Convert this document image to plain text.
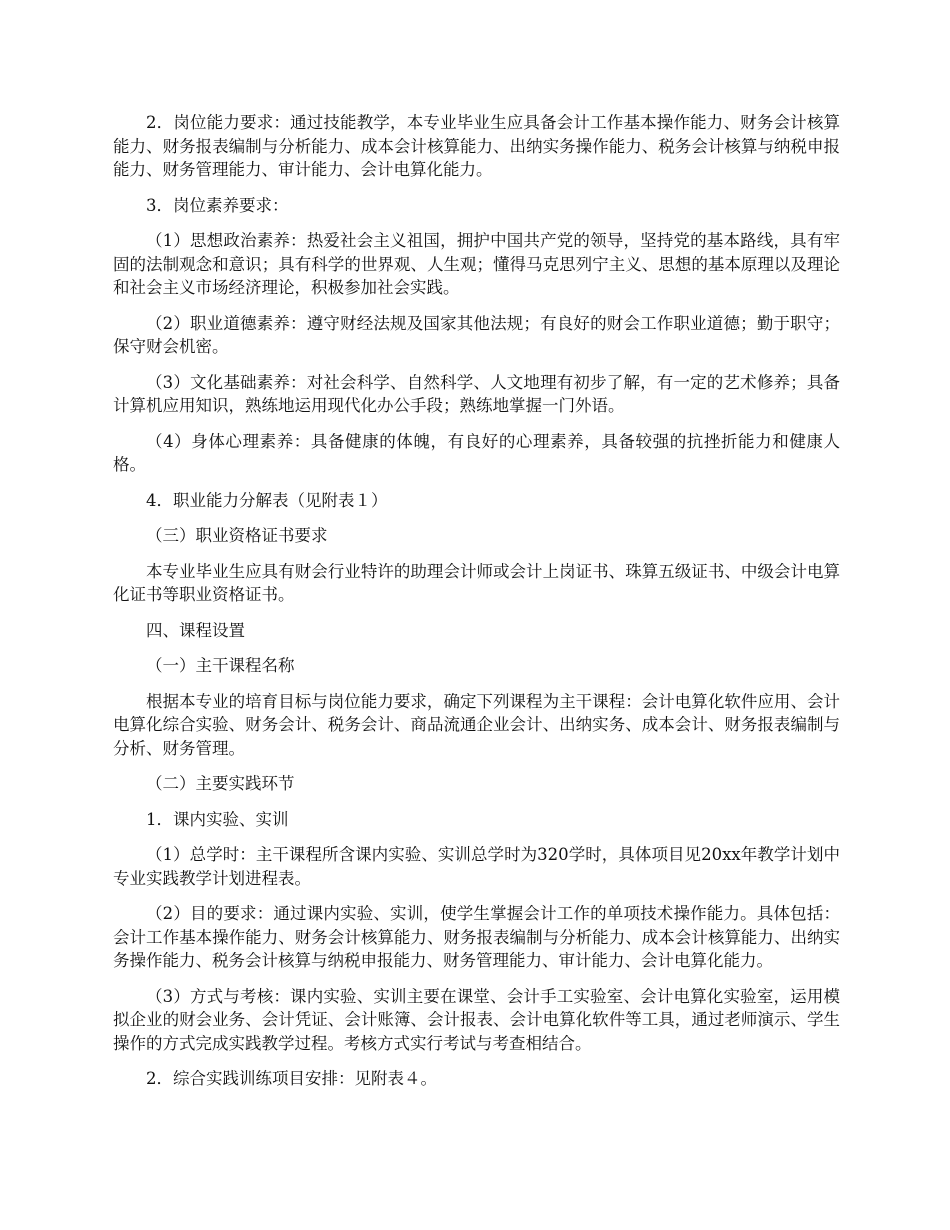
2．岗位能力要求：通过技能教学，本专业毕业生应具备会计工作基本操作能力、财务会计核算能力、财务报表编制与分析能力、成本会计核算能力、出纳实务操作能力、税务会计核算与纳税申报能力、财务管理能力、审计能力、会计电算化能力。

3．岗位素养要求：

（1）思想政治素养：热爱社会主义祖国，拥护中国共产党的领导，坚持党的基本路线，具有牢固的法制观念和意识；具有科学的世界观、人生观；懂得马克思列宁主义、思想的基本原理以及理论和社会主义市场经济理论，积极参加社会实践。

（2）职业道德素养：遵守财经法规及国家其他法规；有良好的财会工作职业道德；勤于职守；保守财会机密。

（3）文化基础素养：对社会科学、自然科学、人文地理有初步了解，有一定的艺术修养；具备计算机应用知识，熟练地运用现代化办公手段；熟练地掌握一门外语。

（4）身体心理素养：具备健康的体魄，有良好的心理素养，具备较强的抗挫折能力和健康人格。

4．职业能力分解表（见附表１）

（三）职业资格证书要求

本专业毕业生应具有财会行业特许的助理会计师或会计上岗证书、珠算五级证书、中级会计电算化证书等职业资格证书。

四、课程设置

（一）主干课程名称

根据本专业的培育目标与岗位能力要求，确定下列课程为主干课程：会计电算化软件应用、会计电算化综合实验、财务会计、税务会计、商品流通企业会计、出纳实务、成本会计、财务报表编制与分析、财务管理。

（二）主要实践环节

1．课内实验、实训

（1）总学时：主干课程所含课内实验、实训总学时为320学时，具体项目见20xx年教学计划中专业实践教学计划进程表。

（2）目的要求：通过课内实验、实训，使学生掌握会计工作的单项技术操作能力。具体包括：会计工作基本操作能力、财务会计核算能力、财务报表编制与分析能力、成本会计核算能力、出纳实务操作能力、税务会计核算与纳税申报能力、财务管理能力、审计能力、会计电算化能力。

（3）方式与考核：课内实验、实训主要在课堂、会计手工实验室、会计电算化实验室，运用模拟企业的财会业务、会计凭证、会计账簿、会计报表、会计电算化软件等工具，通过老师演示、学生操作的方式完成实践教学过程。考核方式实行考试与考查相结合。

2．综合实践训练项目安排：见附表４。
